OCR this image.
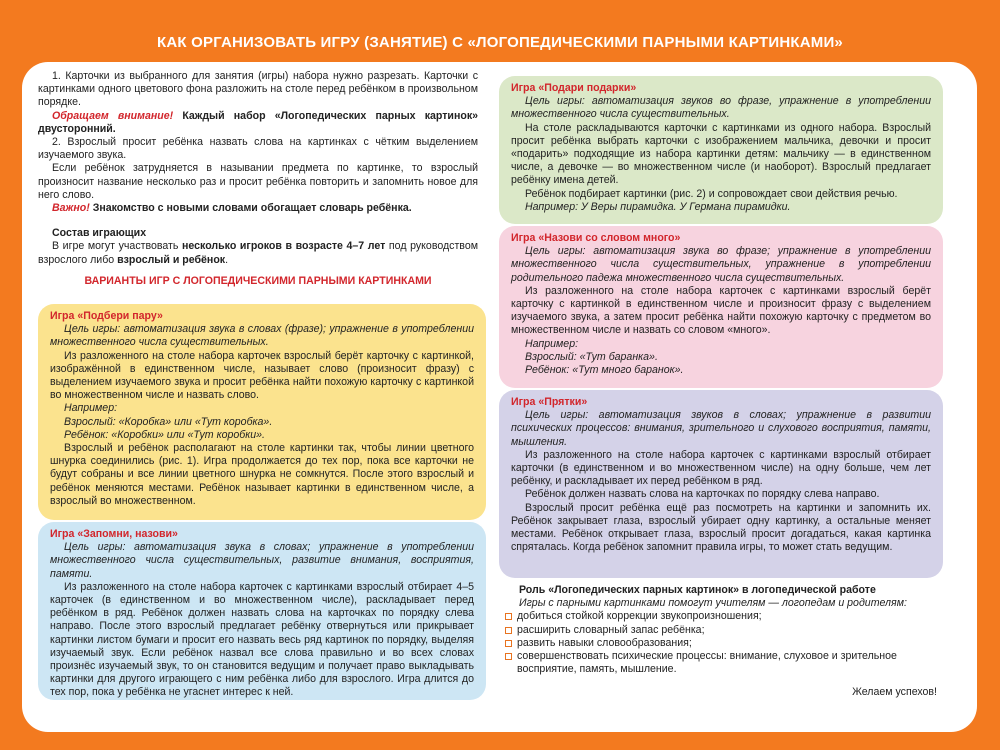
КАК ОРГАНИЗОВАТЬ ИГРУ (ЗАНЯТИЕ) С «ЛОГОПЕДИЧЕСКИМИ ПАРНЫМИ КАРТИНКАМИ»

1. Карточки из выбранного для занятия (игры) набора нужно разрезать. Карточки с картинками одного цветового фона разложить на столе перед ребёнком в произвольном порядке.

Обращаем внимание! Каждый набор «Логопедических парных картинок» двусторонний.

2. Взрослый просит ребёнка назвать слова на картинках с чётким выделением изучаемого звука.

Если ребёнок затрудняется в назывании предмета по картинке, то взрослый произносит название несколько раз и просит ребёнка повторить и запомнить новое для него слово.

Важно! Знакомство с новыми словами обогащает словарь ребёнка.

Состав играющих

В игре могут участвовать несколько игроков в возрасте 4–7 лет под руководством взрослого либо взрослый и ребёнок.

ВАРИАНТЫ ИГР С ЛОГОПЕДИЧЕСКИМИ ПАРНЫМИ КАРТИНКАМИ

Игра «Подбери пару»

Цель игры: автоматизация звука в словах (фразе); упражнение в употреблении множественного числа существительных.

Из разложенного на столе набора карточек взрослый берёт карточку с картинкой, изображённой в единственном числе, называет слово (произносит фразу) с выделением изучаемого звука и просит ребёнка найти похожую карточку с картинкой во множественном числе и назвать слово.

Например:

Взрослый: «Коробка» или «Тут коробка».

Ребёнок: «Коробки» или «Тут коробки».

Взрослый и ребёнок располагают на столе картинки так, чтобы линии цветного шнурка соединились (рис. 1). Игра продолжается до тех пор, пока все карточки не будут собраны и все линии цветного шнурка не сомкнутся. После этого взрослый и ребёнок меняются местами. Ребёнок называет картинки в единственном числе, а взрослый во множественном.

Игра «Запомни, назови»

Цель игры: автоматизация звука в словах; упражнение в употреблении множественного числа существительных, развитие внимания, восприятия, памяти.

Из разложенного на столе набора карточек с картинками взрослый отбирает 4–5 карточек (в единственном и во множественном числе), раскладывает перед ребёнком в ряд. Ребёнок должен назвать слова на карточках по порядку слева направо. После этого взрослый предлагает ребёнку отвернуться или прикрывает картинки листом бумаги и просит его назвать весь ряд картинок по порядку, выделяя изучаемый звук. Если ребёнок назвал все слова правильно и во всех словах произнёс изучаемый звук, то он становится ведущим и получает право выкладывать картинки для другого играющего с ним ребёнка либо для взрослого. Игра длится до тех пор, пока у ребёнка не угаснет интерес к ней.

Игра «Подари подарки»

Цель игры: автоматизация звуков во фразе, упражнение в употреблении множественного числа существительных.

На столе раскладываются карточки с картинками из одного набора. Взрослый просит ребёнка выбрать карточки с изображением мальчика, девочки и просит «подарить» подходящие из набора картинки детям: мальчику — в единственном числе, а девочке — во множественном числе (и наоборот). Взрослый предлагает ребёнку имена детей.

Ребёнок подбирает картинки (рис. 2) и сопровождает свои действия речью.

Например: У Веры пирамидка. У Германа пирамидки.

Игра «Назови со словом много»

Цель игры: автоматизация звука во фразе; упражнение в употреблении множественного числа существительных, упражнение в употреблении родительного падежа множественного числа существительных.

Из разложенного на столе набора карточек с картинками взрослый берёт карточку с картинкой в единственном числе и произносит фразу с выделением изучаемого звука, а затем просит ребёнка найти похожую карточку с предметом во множественном числе и назвать со словом «много».

Например:

Взрослый: «Тут баранка».

Ребёнок: «Тут много баранок».

Игра «Прятки»

Цель игры: автоматизация звуков в словах; упражнение в развитии психических процессов: внимания, зрительного и слухового восприятия, памяти, мышления.

Из разложенного на столе набора карточек с картинками взрослый отбирает карточки (в единственном и во множественном числе) на одну больше, чем лет ребёнку, и раскладывает их перед ребёнком в ряд.

Ребёнок должен назвать слова на карточках по порядку слева направо.

Взрослый просит ребёнка ещё раз посмотреть на картинки и запомнить их. Ребёнок закрывает глаза, взрослый убирает одну картинку, а остальные меняет местами. Ребёнок открывает глаза, взрослый просит догадаться, какая картинка спряталась. Когда ребёнок запомнит правила игры, то может стать ведущим.

Роль «Логопедических парных картинок» в логопедической работе

Игры с парными картинками помогут учителям — логопедам и родителям:

добиться стойкой коррекции звукопроизношения;
расширить словарный запас ребёнка;
развить навыки словообразования;
совершенствовать психические процессы: внимание, слуховое и зрительное восприятие, память, мышление.

Желаем успехов!
